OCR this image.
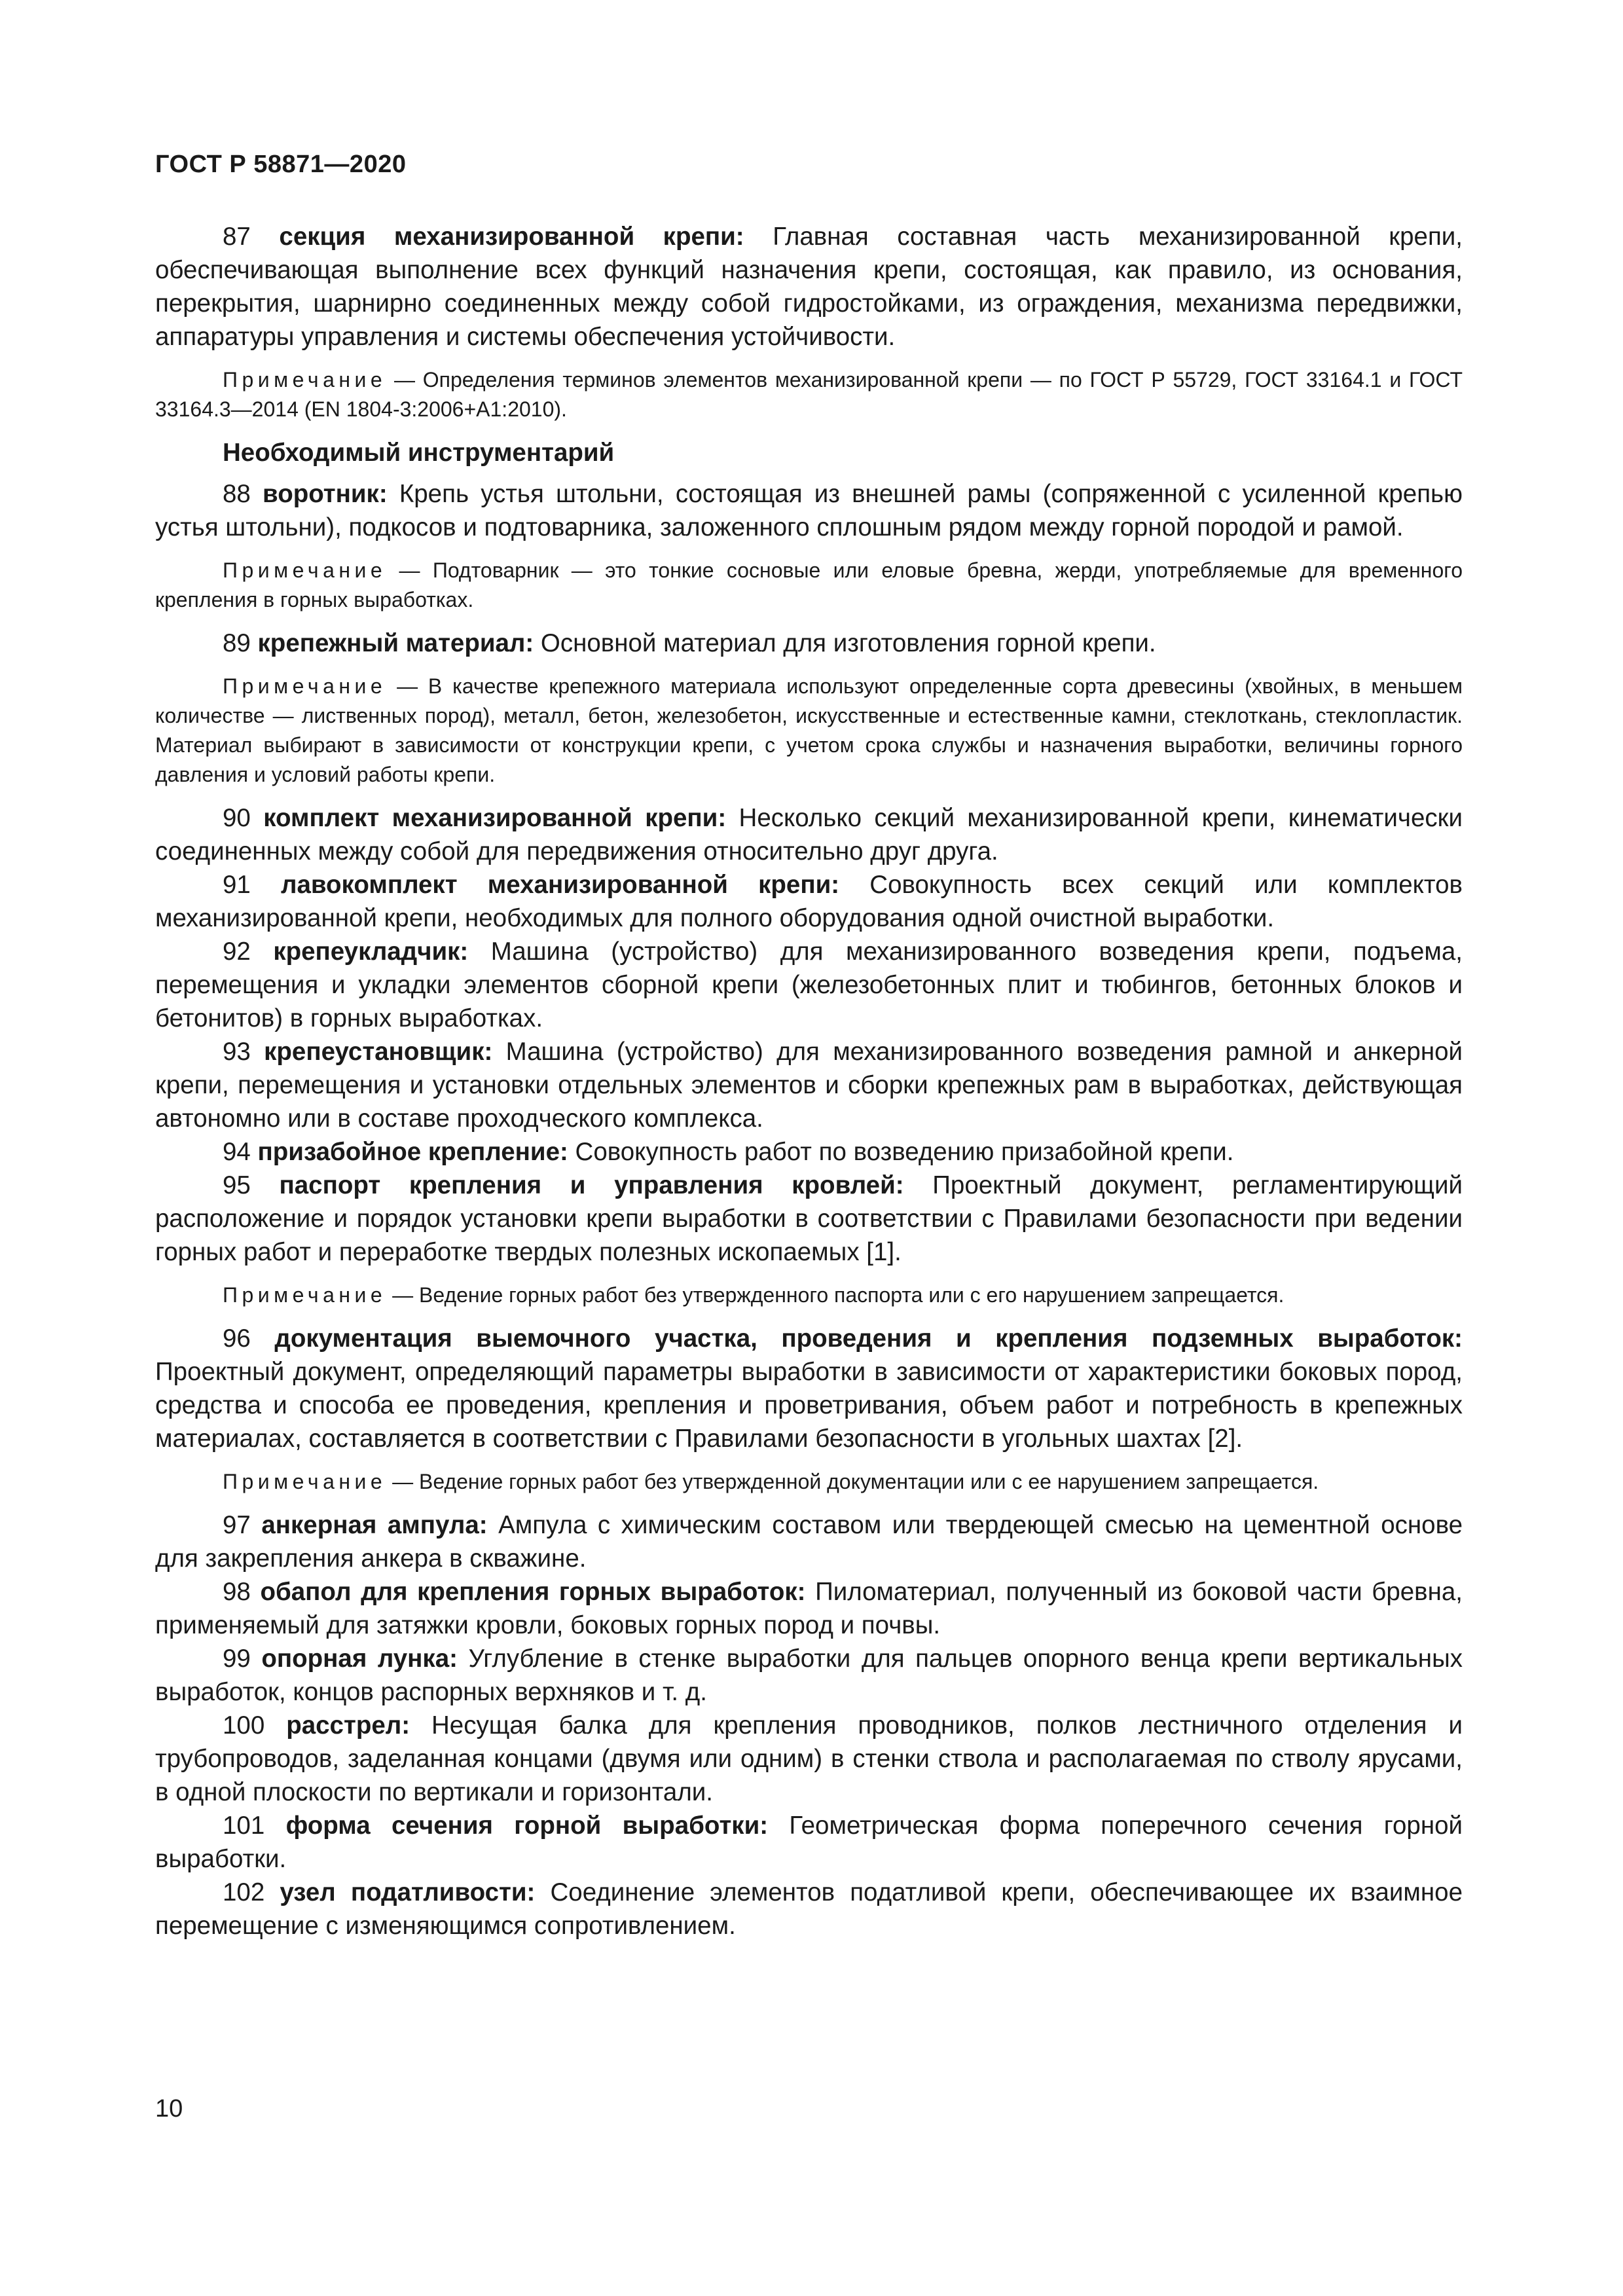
ГОСТ Р 58871—2020

87 секция механизированной крепи: Главная составная часть механизированной крепи, обеспечивающая выполнение всех функций назначения крепи, состоящая, как правило, из основания, перекрытия, шарнирно соединенных между собой гидростойками, из ограждения, механизма передвижки, аппаратуры управления и системы обеспечения устойчивости.

Примечание — Определения терминов элементов механизированной крепи — по ГОСТ Р 55729, ГОСТ 33164.1 и ГОСТ 33164.3—2014 (EN 1804-3:2006+A1:2010).

Необходимый инструментарий

88 воротник: Крепь устья штольни, состоящая из внешней рамы (сопряженной с усиленной крепью устья штольни), подкосов и подтоварника, заложенного сплошным рядом между горной породой и рамой.

Примечание — Подтоварник — это тонкие сосновые или еловые бревна, жерди, употребляемые для временного крепления в горных выработках.

89 крепежный материал: Основной материал для изготовления горной крепи.

Примечание — В качестве крепежного материала используют определенные сорта древесины (хвойных, в меньшем количестве — лиственных пород), металл, бетон, железобетон, искусственные и естественные камни, стеклоткань, стеклопластик. Материал выбирают в зависимости от конструкции крепи, с учетом срока службы и назначения выработки, величины горного давления и условий работы крепи.

90 комплект механизированной крепи: Несколько секций механизированной крепи, кинематически соединенных между собой для передвижения относительно друг друга.

91 лавокомплект механизированной крепи: Совокупность всех секций или комплектов механизированной крепи, необходимых для полного оборудования одной очистной выработки.

92 крепеукладчик: Машина (устройство) для механизированного возведения крепи, подъема, перемещения и укладки элементов сборной крепи (железобетонных плит и тюбингов, бетонных блоков и бетонитов) в горных выработках.

93 крепеустановщик: Машина (устройство) для механизированного возведения рамной и анкерной крепи, перемещения и установки отдельных элементов и сборки крепежных рам в выработках, действующая автономно или в составе проходческого комплекса.

94 призабойное крепление: Совокупность работ по возведению призабойной крепи.

95 паспорт крепления и управления кровлей: Проектный документ, регламентирующий расположение и порядок установки крепи выработки в соответствии с Правилами безопасности при ведении горных работ и переработке твердых полезных ископаемых [1].

Примечание — Ведение горных работ без утвержденного паспорта или с его нарушением запрещается.

96 документация выемочного участка, проведения и крепления подземных выработок: Проектный документ, определяющий параметры выработки в зависимости от характеристики боковых пород, средства и способа ее проведения, крепления и проветривания, объем работ и потребность в крепежных материалах, составляется в соответствии с Правилами безопасности в угольных шахтах [2].

Примечание — Ведение горных работ без утвержденной документации или с ее нарушением запрещается.

97 анкерная ампула: Ампула с химическим составом или твердеющей смесью на цементной основе для закрепления анкера в скважине.

98 обапол для крепления горных выработок: Пиломатериал, полученный из боковой части бревна, применяемый для затяжки кровли, боковых горных пород и почвы.

99 опорная лунка: Углубление в стенке выработки для пальцев опорного венца крепи вертикальных выработок, концов распорных верхняков и т. д.

100 расстрел: Несущая балка для крепления проводников, полков лестничного отделения и трубопроводов, заделанная концами (двумя или одним) в стенки ствола и располагаемая по стволу ярусами, в одной плоскости по вертикали и горизонтали.

101 форма сечения горной выработки: Геометрическая форма поперечного сечения горной выработки.

102 узел податливости: Соединение элементов податливой крепи, обеспечивающее их взаимное перемещение с изменяющимся сопротивлением.

10
